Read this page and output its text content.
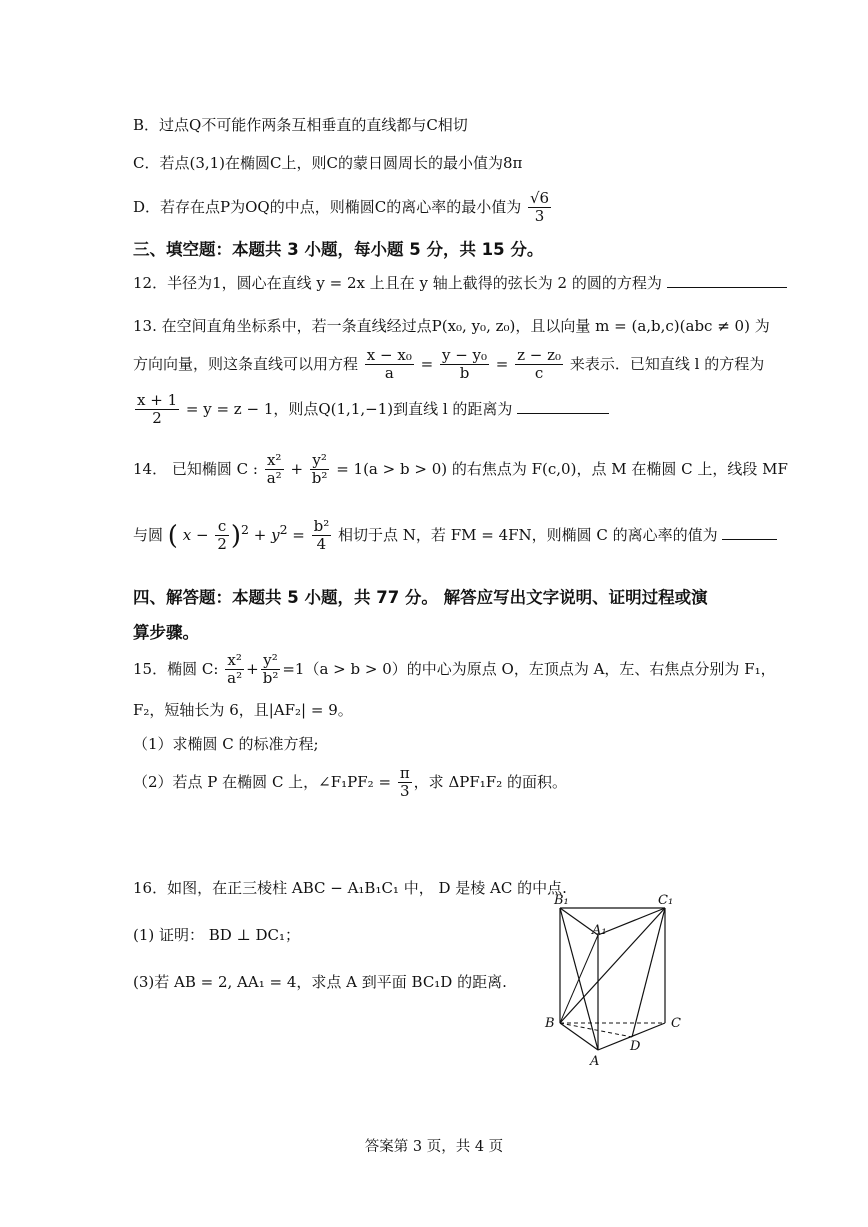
B．过点Q不可能作两条互相垂直的直线都与C相切
C．若点(3,1)在椭圆C上，则C的蒙日圆周长的最小值为8π
D．若存在点P为OQ的中点，则椭圆C的离心率的最小值为 $\frac{√6}{3}$
三、填空题：本题共 3 小题，每小题 5 分，共 15 分。
12．半径为1，圆心在直线 y = 2x 上且在 y 轴上截得的弦长为 2 的圆的方程为
13. 在空间直角坐标系中，若一条直线经过点P(x₀, y₀, z₀)，且以向量 m = (a,b,c)(abc ≠ 0) 为
方向向量，则这条直线可以用方程 $\frac{\text{x − x₀}}{a} = \frac{\text{y − y₀}}{b} = \frac{\text{z − z₀}}{c}$ 来表示．已知直线 l 的方程为
$\frac{x + 1}{2} = y = z - 1$，则点Q(1,1,−1)到直线 l 的距离为
14． 已知椭圆 C : $\frac{\text{x²}}{\text{a²}} + \frac{\text{y²}}{\text{b²}} = 1(a > b > 0)$ 的右焦点为 F(c,0)，点 M 在椭圆 C 上，线段 MF
与圆 ( $x - \frac{c}{2} )^2 + y^2 = \frac{\text{b²}}{4}$ 相切于点 N，若 FM = 4FN，则椭圆 C 的离心率的值为
四、解答题：本题共 5 小题，共 77 分。 解答应写出文字说明、证明过程或演
算步骤。
15．椭圆 C: $\frac{\text{x²}}{\text{a²}} + \frac{\text{y²}}{\text{b²}} =1(a > b > 0)$的中心为原点 O，左顶点为 A，左、右焦点分别为 F₁，
F₂，短轴长为 6，且|AF₂| = 9。
（1）求椭圆 C 的标准方程;
（2）若点 P 在椭圆 C 上，∠F₁PF₂ = $\frac{\pi}{3}$ ，求 ΔPF₁F₂ 的面积。
16．如图，在正三棱柱 ABC − A₁B₁C₁ 中， D 是棱 AC 的中点.
(1) 证明： BD ⊥ DC₁；
(3)若 AB = 2, AA₁ = 4，求点 A 到平面 BC₁D 的距离.
B₁	C₁
A₁
B	C
A
D
答案第 3 页，共 4 页
